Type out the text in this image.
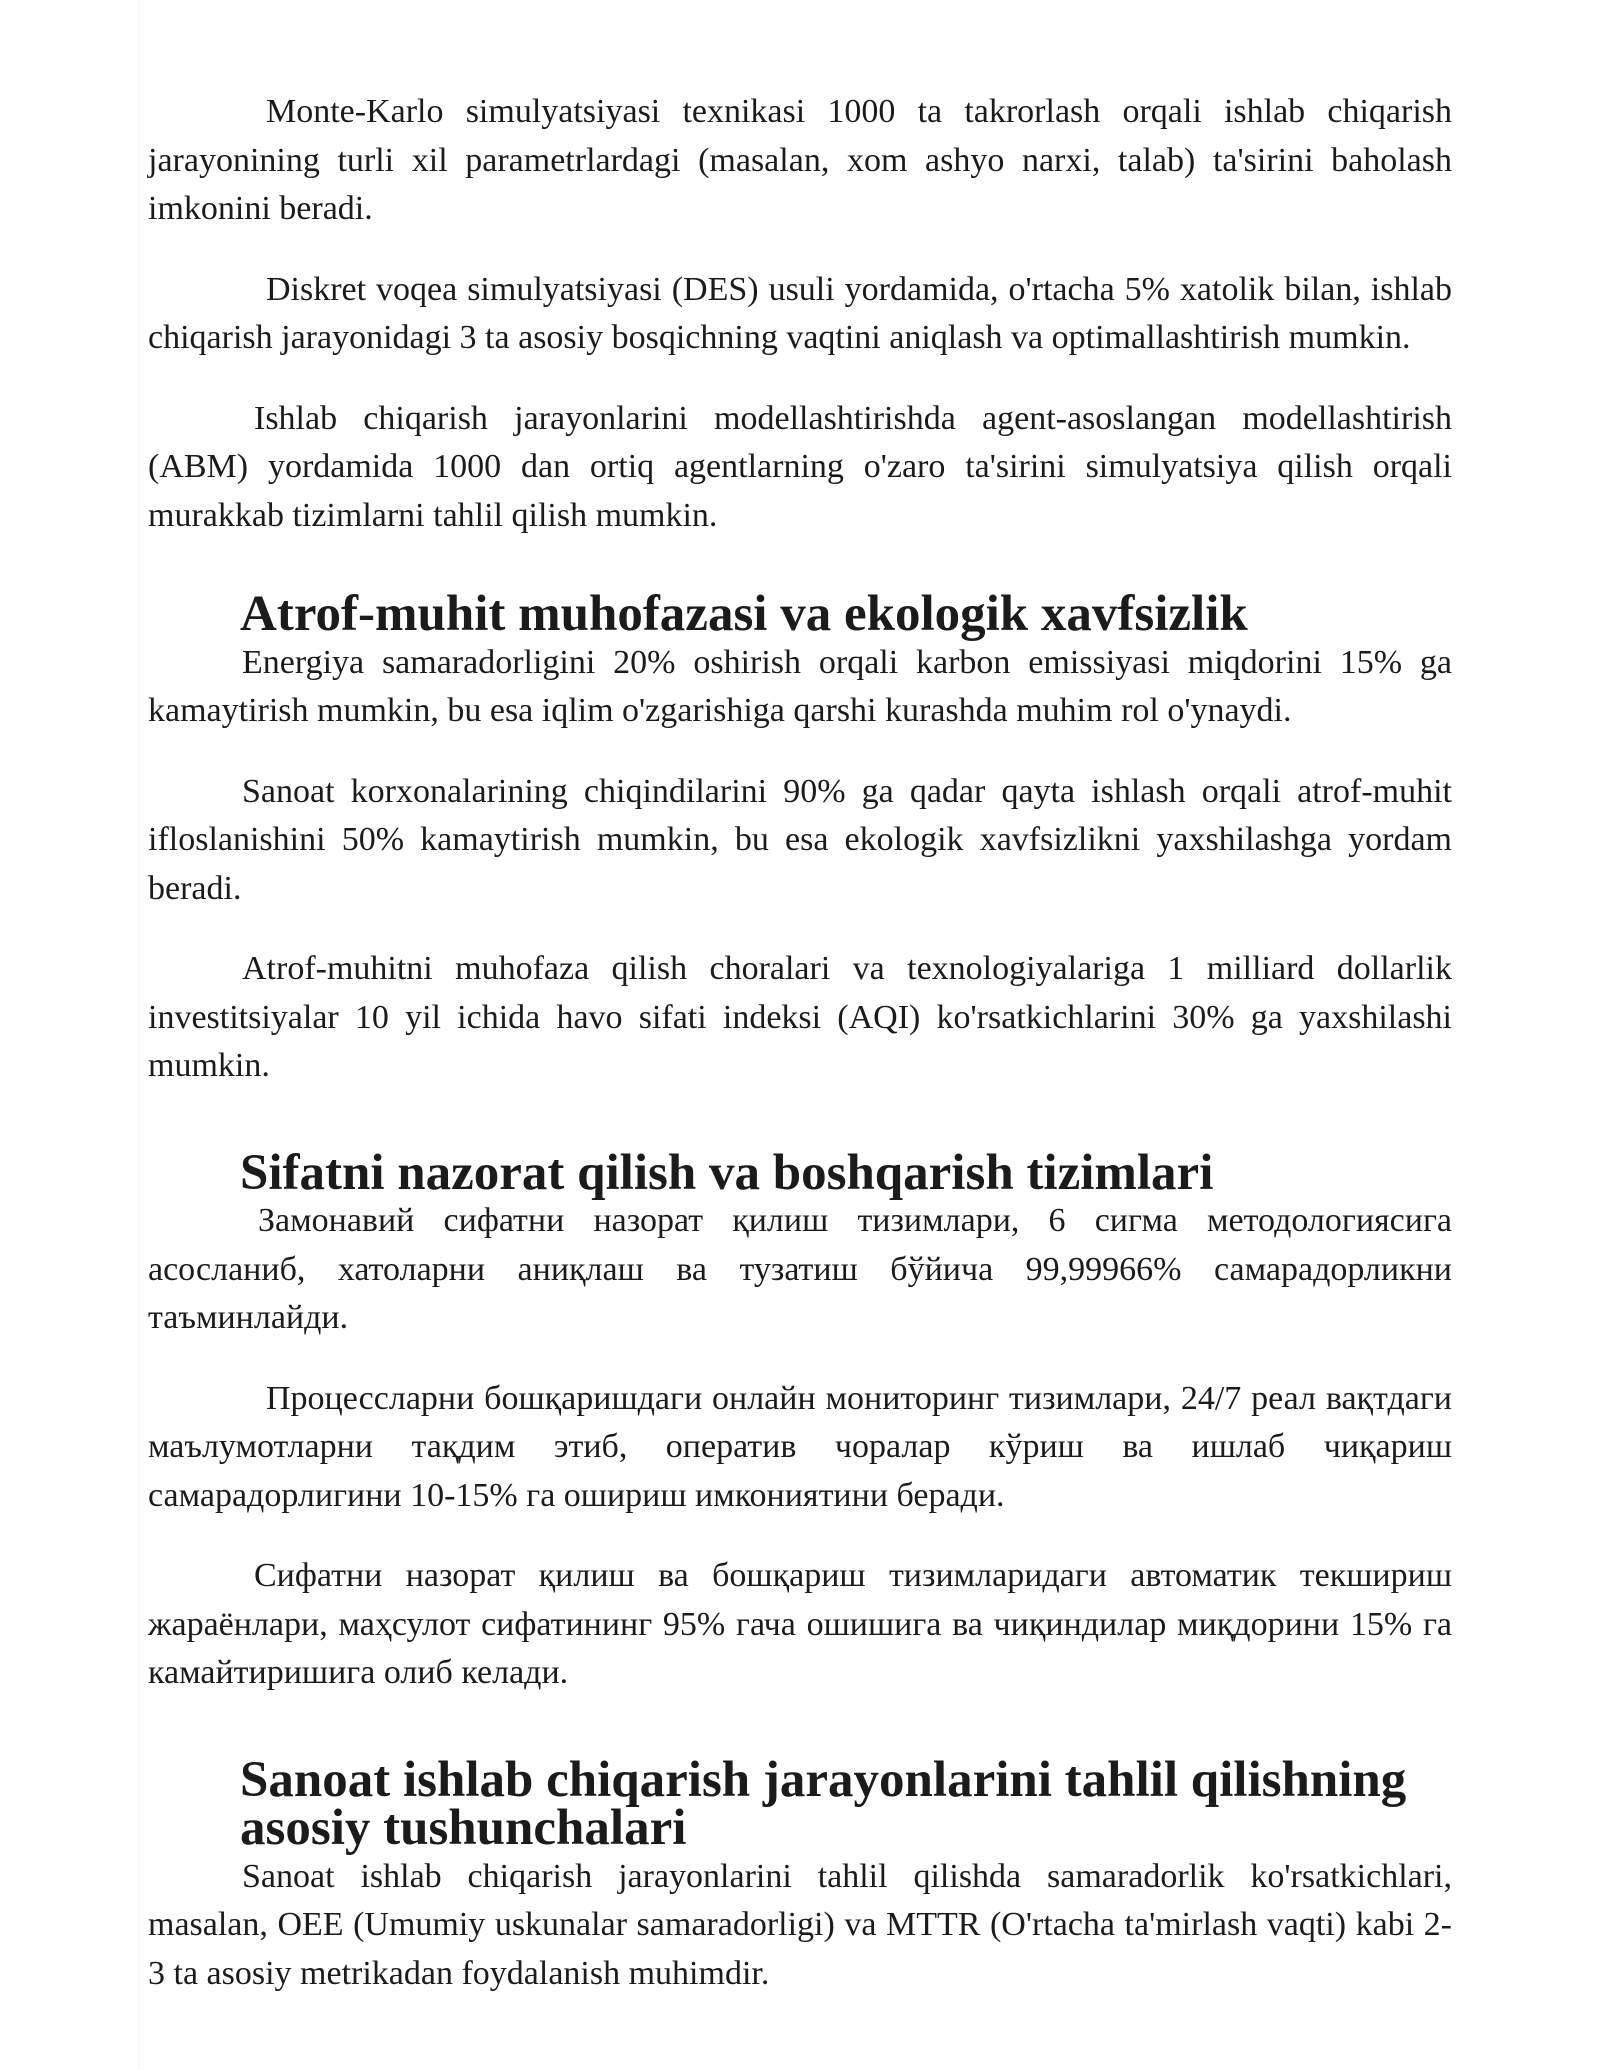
Monte-Karlo simulyatsiyasi texnikasi 1000 ta takrorlash orqali ishlab chiqarish jarayonining turli xil parametrlardagi (masalan, xom ashyo narxi, talab) ta'sirini baholash imkonini beradi.

Diskret voqea simulyatsiyasi (DES) usuli yordamida, o'rtacha 5% xatolik bilan, ishlab chiqarish jarayonidagi 3 ta asosiy bosqichning vaqtini aniqlash va optimallashtirish mumkin.

Ishlab chiqarish jarayonlarini modellashtirishda agent-asoslangan modellashtirish (ABM) yordamida 1000 dan ortiq agentlarning o'zaro ta'sirini simulyatsiya qilish orqali murakkab tizimlarni tahlil qilish mumkin.

Atrof-muhit muhofazasi va ekologik xavfsizlik

Energiya samaradorligini 20% oshirish orqali karbon emissiyasi miqdorini 15% ga kamaytirish mumkin, bu esa iqlim o'zgarishiga qarshi kurashda muhim rol o'ynaydi.

Sanoat korxonalarining chiqindilarini 90% ga qadar qayta ishlash orqali atrof-muhit ifloslanishini 50% kamaytirish mumkin, bu esa ekologik xavfsizlikni yaxshilashga yordam beradi.

Atrof-muhitni muhofaza qilish choralari va texnologiyalariga 1 milliard dollarlik investitsiyalar 10 yil ichida havo sifati indeksi (AQI) ko'rsatkichlarini 30% ga yaxshilashi mumkin.

Sifatni nazorat qilish va boshqarish tizimlari

Замонавий сифатни назорат қилиш тизимлари, 6 сигма методологиясига асосланиб, хатоларни аниқлаш ва тузатиш бўйича 99,99966% самарадорликни таъминлайди.

Процессларни бошқаришдаги онлайн мониторинг тизимлари, 24/7 реал вақтдаги маълумотларни тақдим этиб, оператив чоралар кўриш ва ишлаб чиқариш самарадорлигини 10-15% га ошириш имкониятини беради.

Сифатни назорат қилиш ва бошқариш тизимларидаги автоматик текшириш жараёнлари, маҳсулот сифатининг 95% гача ошишига ва чиқиндилар миқдорини 15% га камайтиришига олиб келади.

Sanoat ishlab chiqarish jarayonlarini tahlil qilishning asosiy tushunchalari

Sanoat ishlab chiqarish jarayonlarini tahlil qilishda samaradorlik ko'rsatkichlari, masalan, OEE (Umumiy uskunalar samaradorligi) va MTTR (O'rtacha ta'mirlash vaqti) kabi 2-3 ta asosiy metrikadan foydalanish muhimdir.
